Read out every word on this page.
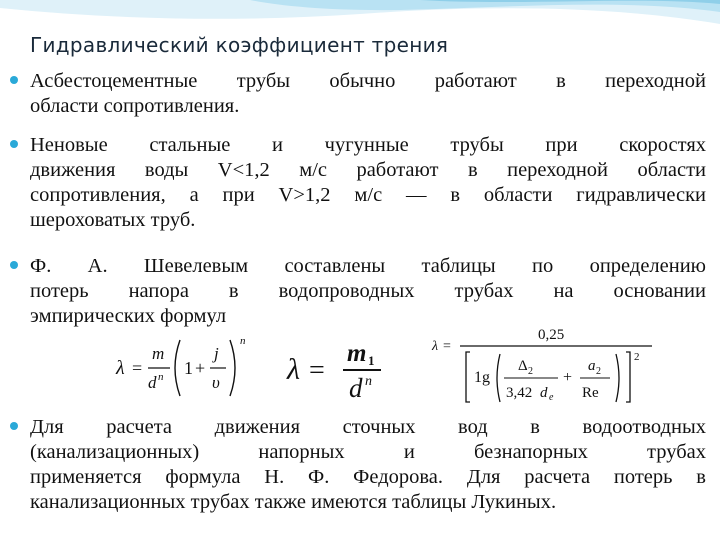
Гидравлический коэффициент трения
Асбестоцементные трубы обычно работают в переходной
области сопротивления.
Неновые стальные и чугунные трубы при скоростях
движения воды V<1,2 м/с работают в переходной области
сопротивления, а при V>1,2 м/с — в области гидравлически
шероховатых труб.
Ф. А. Шевелевым составлены таблицы по определению
потерь напора в водопроводных трубах на основании
эмпирических формул
λ =
m
d n 1 +
j
υ
n
λ =
m 1
d n
λ =
0,25
1g
Δ 2
3,42 d e
+
a 2
Re
2
Для расчета движения сточных вод в водоотводных
(канализационных) напорных и безнапорных трубах
применяется формула Н. Ф. Федорова. Для расчета потерь в
канализационных трубах также имеются таблицы Лукиных.
